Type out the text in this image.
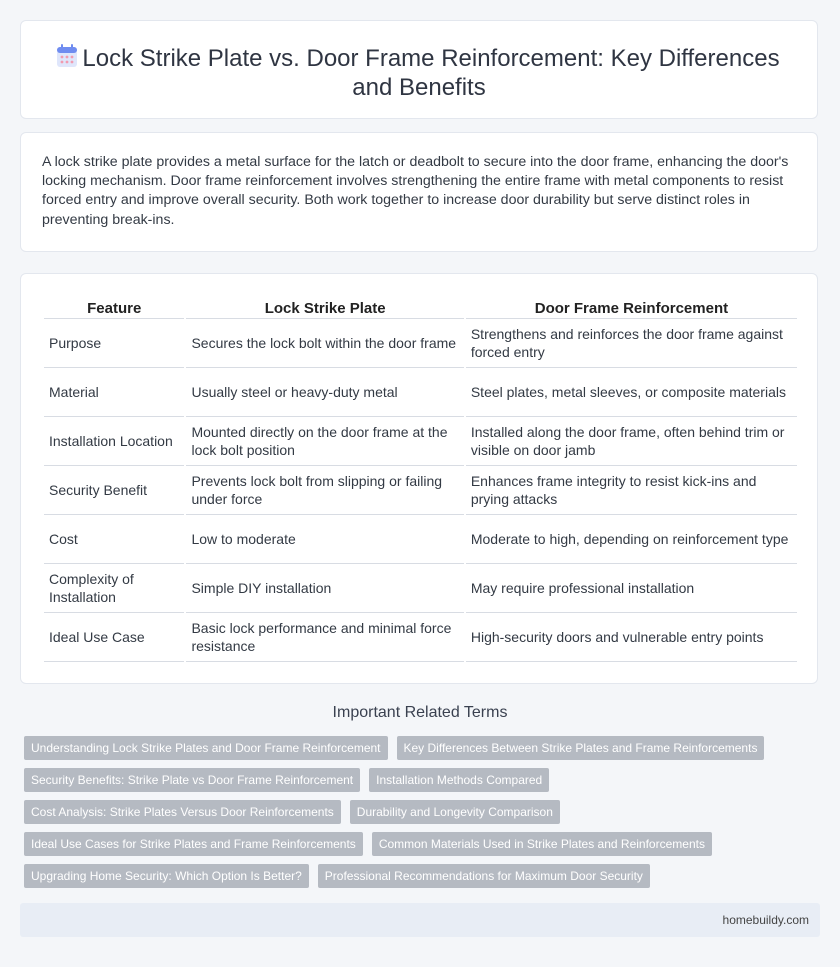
Lock Strike Plate vs. Door Frame Reinforcement: Key Differences
and Benefits

A lock strike plate provides a metal surface for the latch or deadbolt to secure into the door frame, enhancing the door's locking mechanism. Door frame reinforcement involves strengthening the entire frame with metal components to resist forced entry and improve overall security. Both work together to increase door durability but serve distinct roles in preventing break-ins.

Feature	Lock Strike Plate	Door Frame Reinforcement
Purpose	Secures the lock bolt within the door frame	Strengthens and reinforces the door frame against forced entry
Material	Usually steel or heavy-duty metal	Steel plates, metal sleeves, or composite materials
Installation Location	Mounted directly on the door frame at the lock bolt position	Installed along the door frame, often behind trim or visible on door jamb
Security Benefit	Prevents lock bolt from slipping or failing under force	Enhances frame integrity to resist kick-ins and prying attacks
Cost	Low to moderate	Moderate to high, depending on reinforcement type
Complexity of Installation	Simple DIY installation	May require professional installation
Ideal Use Case	Basic lock performance and minimal force resistance	High-security doors and vulnerable entry points
Important Related Terms
Understanding Lock Strike Plates and Door Frame Reinforcement	Key Differences Between Strike Plates and Frame Reinforcements
Security Benefits: Strike Plate vs Door Frame Reinforcement	Installation Methods Compared
Cost Analysis: Strike Plates Versus Door Reinforcements	Durability and Longevity Comparison
Ideal Use Cases for Strike Plates and Frame Reinforcements	Common Materials Used in Strike Plates and Reinforcements
Upgrading Home Security: Which Option Is Better?	Professional Recommendations for Maximum Door Security
homebuildy.com
